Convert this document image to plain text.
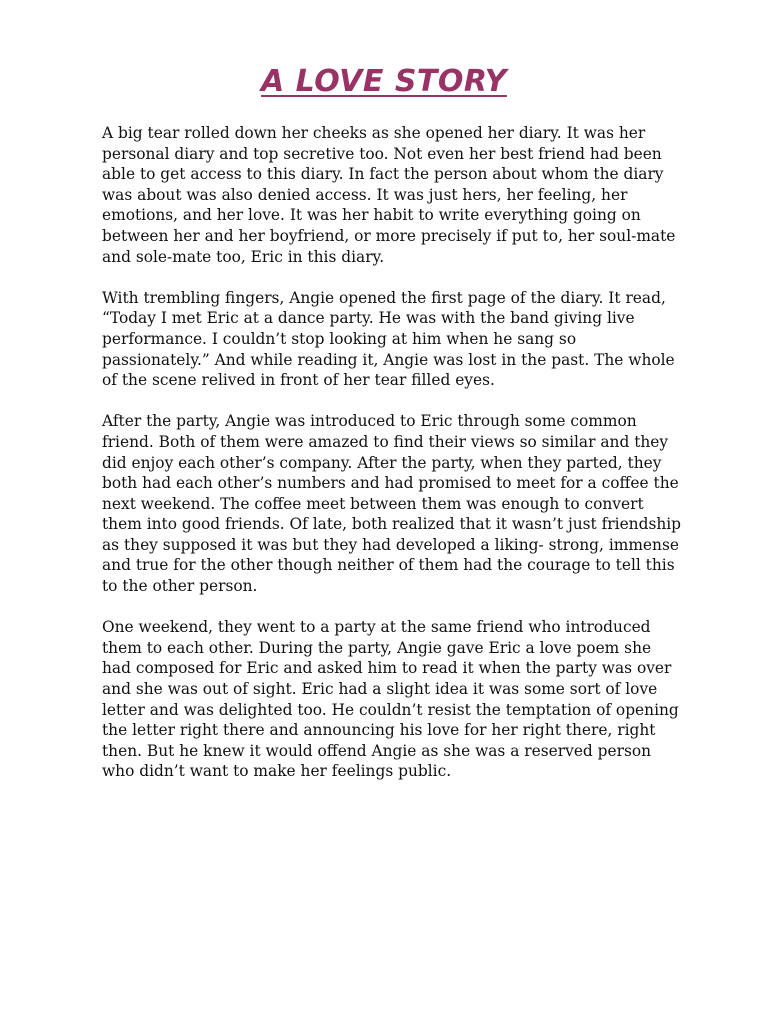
A LOVE STORY

A big tear rolled down her cheeks as she opened her diary. It was her personal diary and top secretive too. Not even her best friend had been able to get access to this diary. In fact the person about whom the diary was about was also denied access. It was just hers, her feeling, her emotions, and her love. It was her habit to write everything going on between her and her boyfriend, or more precisely if put to, her soul-mate and sole-mate too, Eric in this diary.

With trembling fingers, Angie opened the first page of the diary. It read, “Today I met Eric at a dance party. He was with the band giving live performance. I couldn’t stop looking at him when he sang so passionately.” And while reading it, Angie was lost in the past. The whole of the scene relived in front of her tear filled eyes.

After the party, Angie was introduced to Eric through some common friend. Both of them were amazed to find their views so similar and they did enjoy each other’s company. After the party, when they parted, they both had each other’s numbers and had promised to meet for a coffee the next weekend. The coffee meet between them was enough to convert them into good friends. Of late, both realized that it wasn’t just friendship as they supposed it was but they had developed a liking- strong, immense and true for the other though neither of them had the courage to tell this to the other person.

One weekend, they went to a party at the same friend who introduced them to each other. During the party, Angie gave Eric a love poem she had composed for Eric and asked him to read it when the party was over and she was out of sight. Eric had a slight idea it was some sort of love letter and was delighted too. He couldn’t resist the temptation of opening the letter right there and announcing his love for her right there, right then. But he knew it would offend Angie as she was a reserved person who didn’t want to make her feelings public.
